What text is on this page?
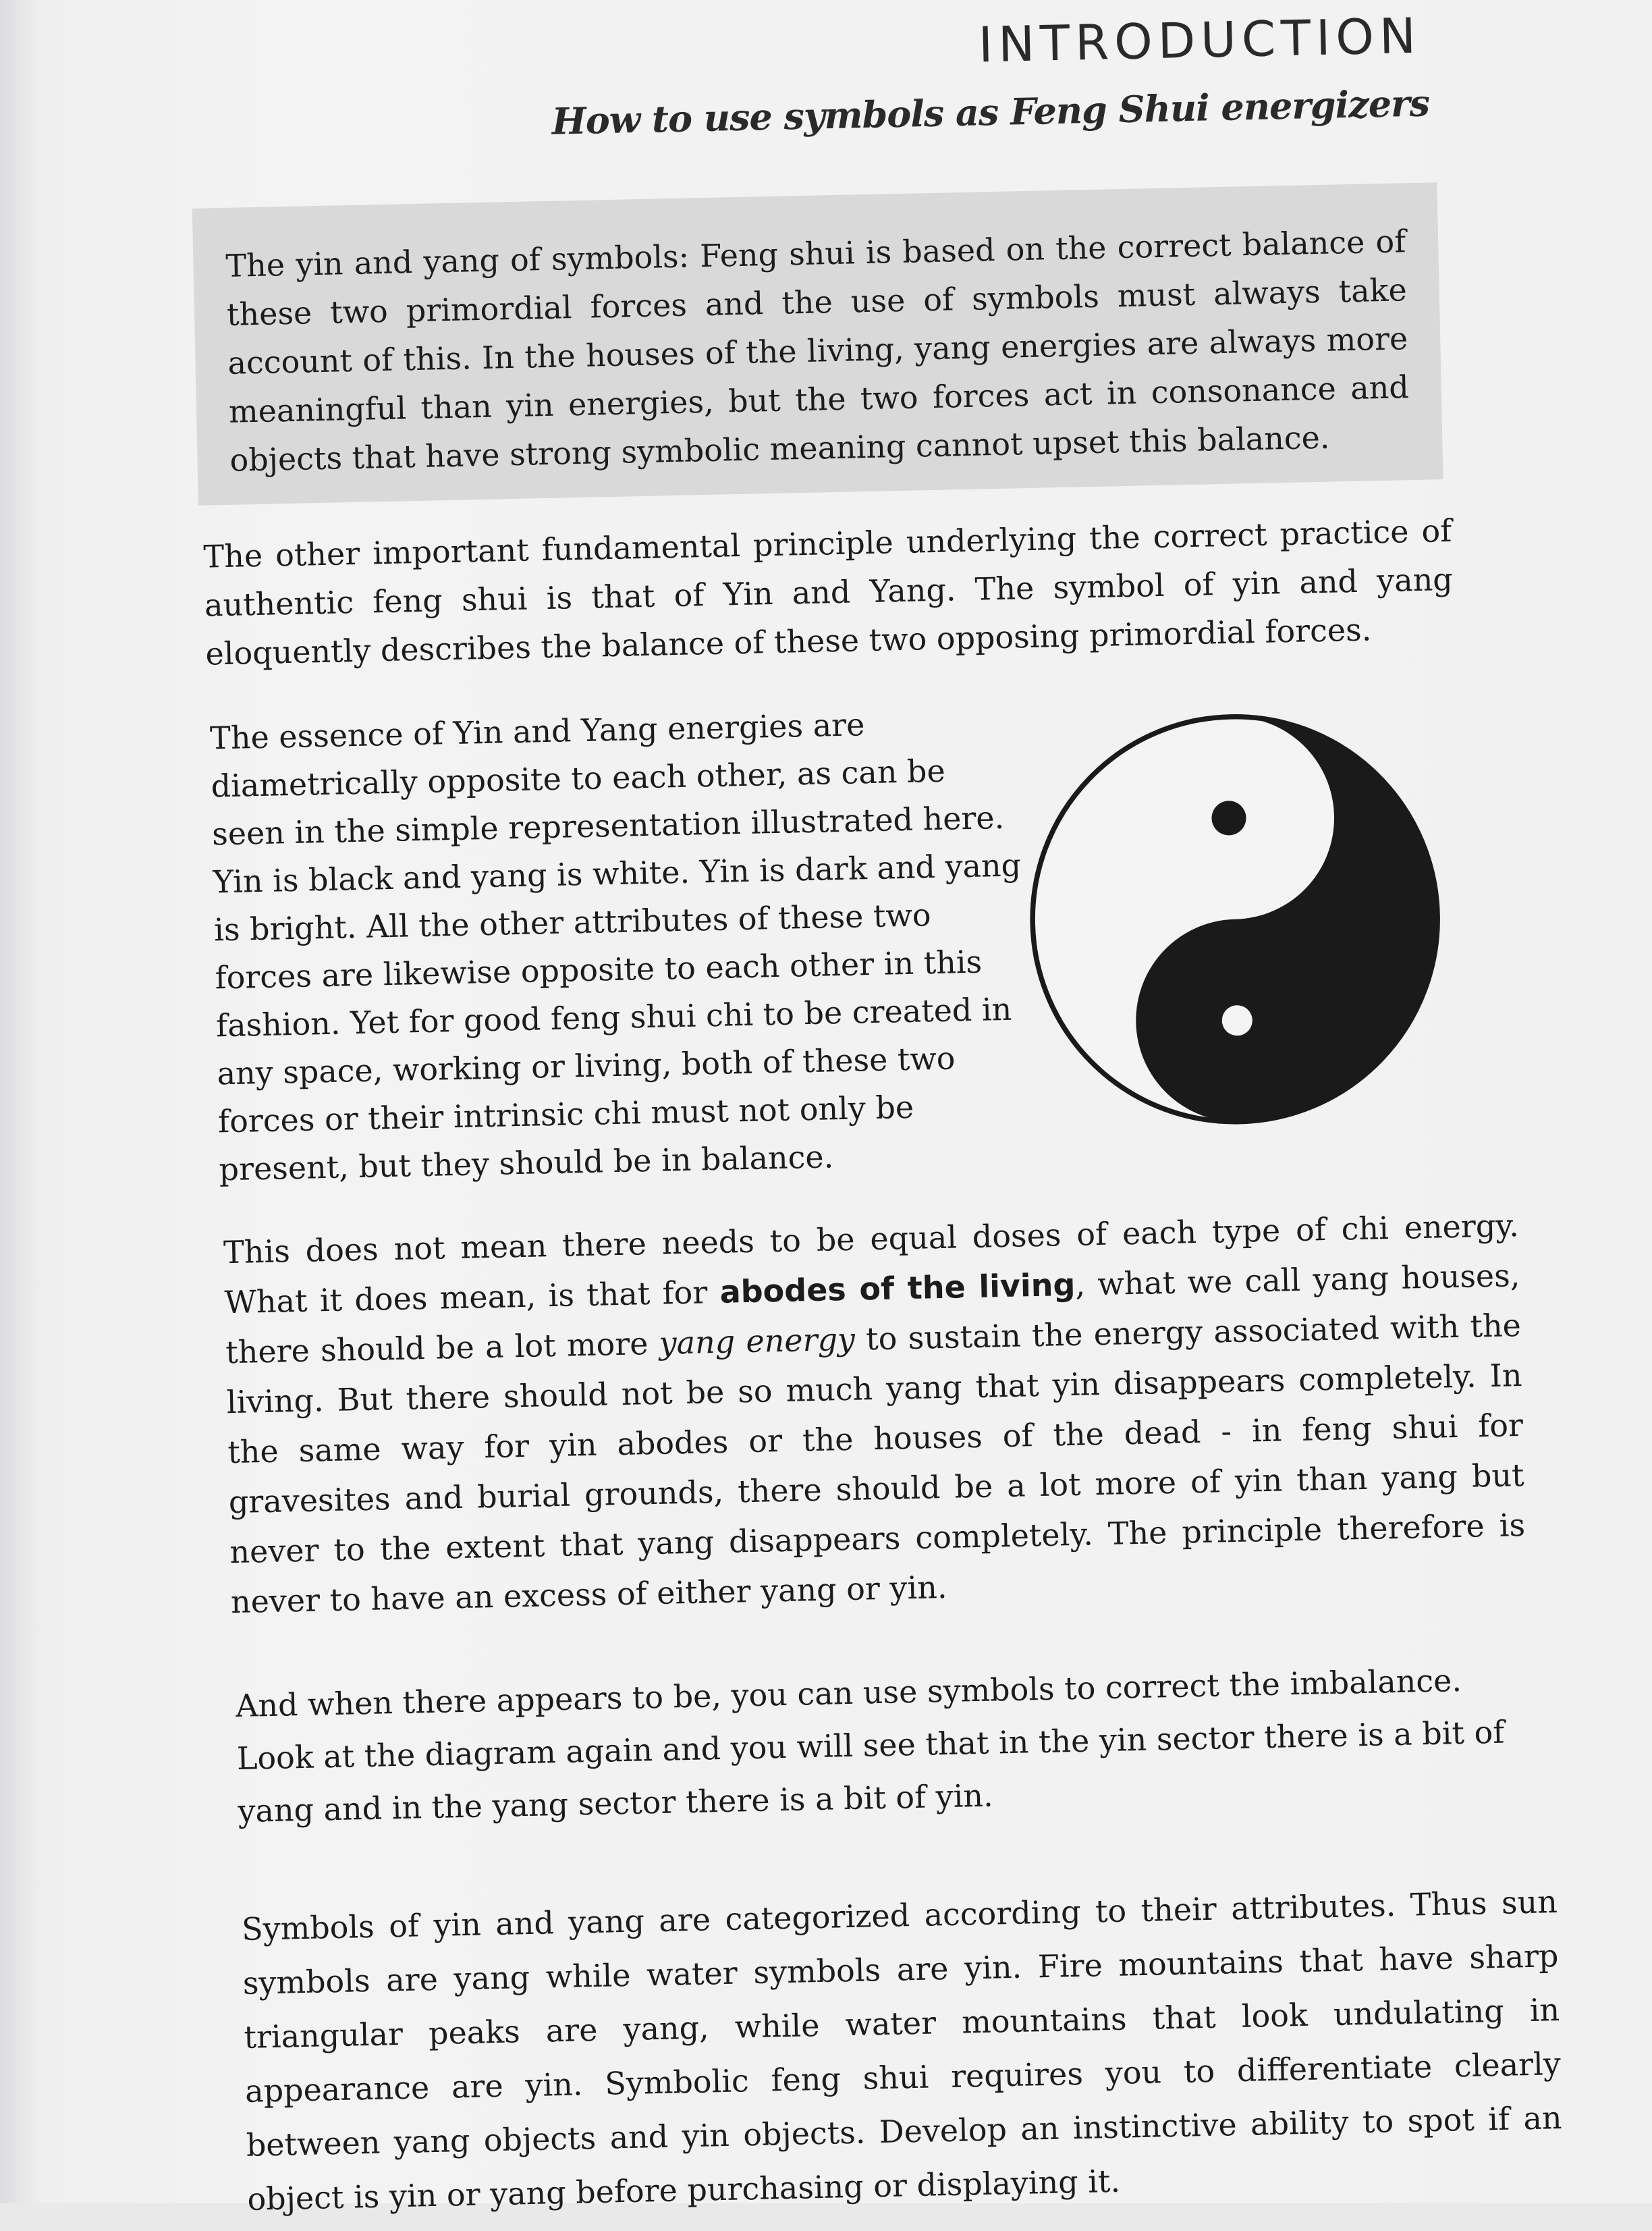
INTRODUCTION
How to use symbols as Feng Shui energizers

The yin and yang of symbols: Feng shui is based on the correct balance of these two primordial forces and the use of symbols must always take account of this. In the houses of the living, yang energies are always more meaningful than yin energies, but the two forces act in consonance and objects that have strong symbolic meaning cannot upset this balance.

The other important fundamental principle underlying the correct practice of authentic feng shui is that of Yin and Yang. The symbol of yin and yang eloquently describes the balance of these two opposing primordial forces.

The essence of Yin and Yang energies are diametrically opposite to each other, as can be seen in the simple representation illustrated here. Yin is black and yang is white. Yin is dark and yang is bright. All the other attributes of these two forces are likewise opposite to each other in this fashion. Yet for good feng shui chi to be created in any space, working or living, both of these two forces or their intrinsic chi must not only be present, but they should be in balance.

This does not mean there needs to be equal doses of each type of chi energy. What it does mean, is that for abodes of the living, what we call yang houses, there should be a lot more yang energy to sustain the energy associated with the living. But there should not be so much yang that yin disappears completely. In the same way for yin abodes or the houses of the dead - in feng shui for gravesites and burial grounds, there should be a lot more of yin than yang but never to the extent that yang disappears completely. The principle therefore is never to have an excess of either yang or yin.

And when there appears to be, you can use symbols to correct the imbalance. Look at the diagram again and you will see that in the yin sector there is a bit of yang and in the yang sector there is a bit of yin.

Symbols of yin and yang are categorized according to their attributes. Thus sun symbols are yang while water symbols are yin. Fire mountains that have sharp triangular peaks are yang, while water mountains that look undulating in appearance are yin. Symbolic feng shui requires you to differentiate clearly between yang objects and yin objects. Develop an instinctive ability to spot if an object is yin or yang before purchasing or displaying it.
